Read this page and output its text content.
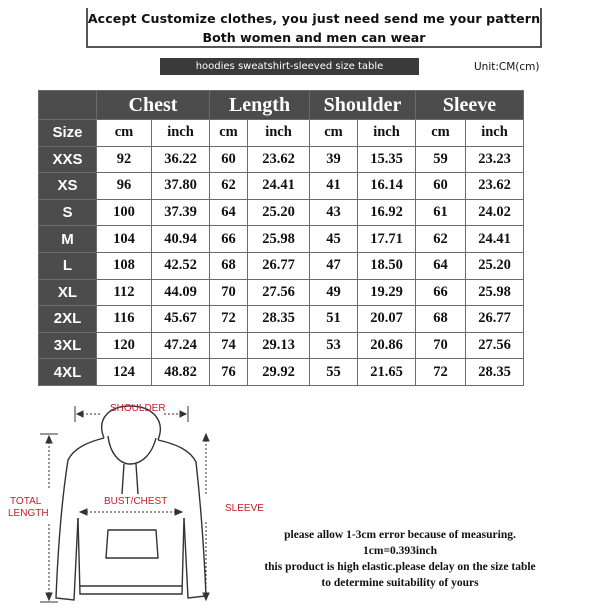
Accept Customize clothes, you just need send me your pattern
Both women and men can wear
hoodies sweatshirt-sleeved size table	Unit:CM(cm)
	Chest		Length		Shoulder		Sleeve	
Size	cm	inch	cm	inch	cm	inch	cm	inch
XXS	92	36.22	60	23.62	39	15.35	59	23.23
XS	96	37.80	62	24.41	41	16.14	60	23.62
S	100	37.39	64	25.20	43	16.92	61	24.02
M	104	40.94	66	25.98	45	17.71	62	24.41
L	108	42.52	68	26.77	47	18.50	64	25.20
XL	112	44.09	70	27.56	49	19.29	66	25.98
2XL	116	45.67	72	28.35	51	20.07	68	26.77
3XL	120	47.24	74	29.13	53	20.86	70	27.56
4XL	124	48.82	76	29.92	55	21.65	72	28.35
SHOULDER
TOTAL
LENGTH
BUST/CHEST
SLEEVE
please allow 1-3cm error because of measuring.
1cm=0.393inch
this product is high elastic.please delay on the size table
to determine suitability of yours
